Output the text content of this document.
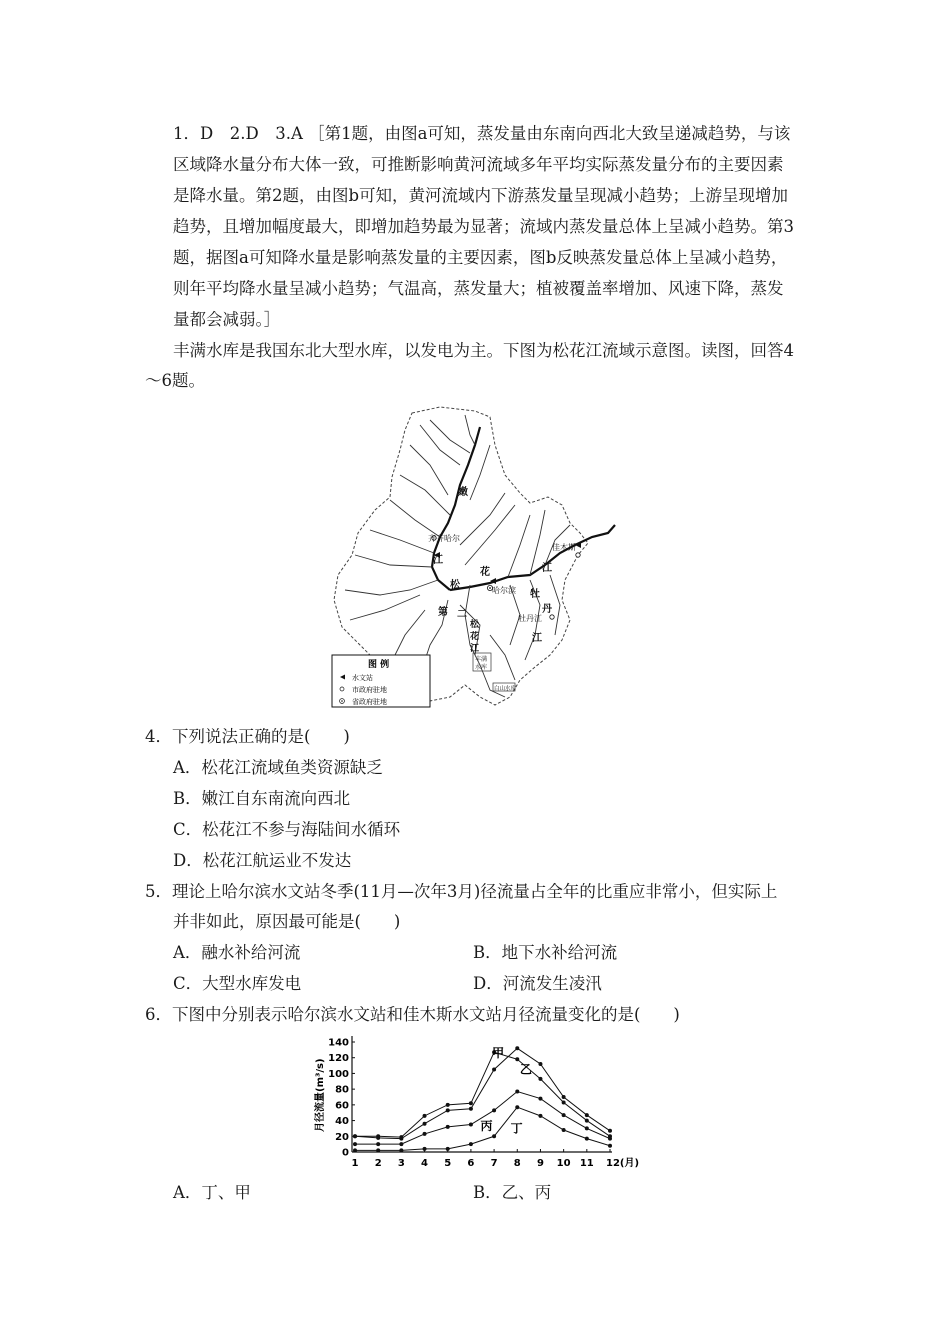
1．D　2.D　3.A ［第1题，由图a可知，蒸发量由东南向西北大致呈递减趋势，与该

区域降水量分布大体一致，可推断影响黄河流域多年平均实际蒸发量分布的主要因素

是降水量。第2题，由图b可知，黄河流域内下游蒸发量呈现减小趋势；上游呈现增加

趋势，且增加幅度最大，即增加趋势最为显著；流域内蒸发量总体上呈减小趋势。第3

题，据图a可知降水量是影响蒸发量的主要因素，图b反映蒸发量总体上呈减小趋势，

则年平均降水量呈减小趋势；气温高，蒸发量大；植被覆盖率增加、风速下降，蒸发

量都会减弱。］

丰满水库是我国东北大型水库，以发电为主。下图为松花江流域示意图。读图，回答4

～6题。

嫩
江
齐齐哈尔
松
花
哈尔滨
佳木斯
江
牡
丹
江
牡丹江
第 二
松
花
江
丰满
水库
白山水库
图 例
水文站
市政府驻地
省政府驻地

4．下列说法正确的是(　　)

A．松花江流域鱼类资源缺乏

B．嫩江自东南流向西北

C．松花江不参与海陆间水循环

D．松花江航运业不发达

5．理论上哈尔滨水文站冬季(11月—次年3月)径流量占全年的比重应非常小，但实际上

并非如此，原因最可能是(　　)

A．融水补给河流	B．地下水补给河流

C．大型水库发电	D．河流发生凌汛

6．下图中分别表示哈尔滨水文站和佳木斯水文站月径流量变化的是(　　)

月径流量(m³/s)
0
20
40
60
80
100
120
140
1 2 3 4 5 6 7 8 9 10 11 12(月)
甲
乙
丙 丁

A．丁、甲	B．乙、丙
